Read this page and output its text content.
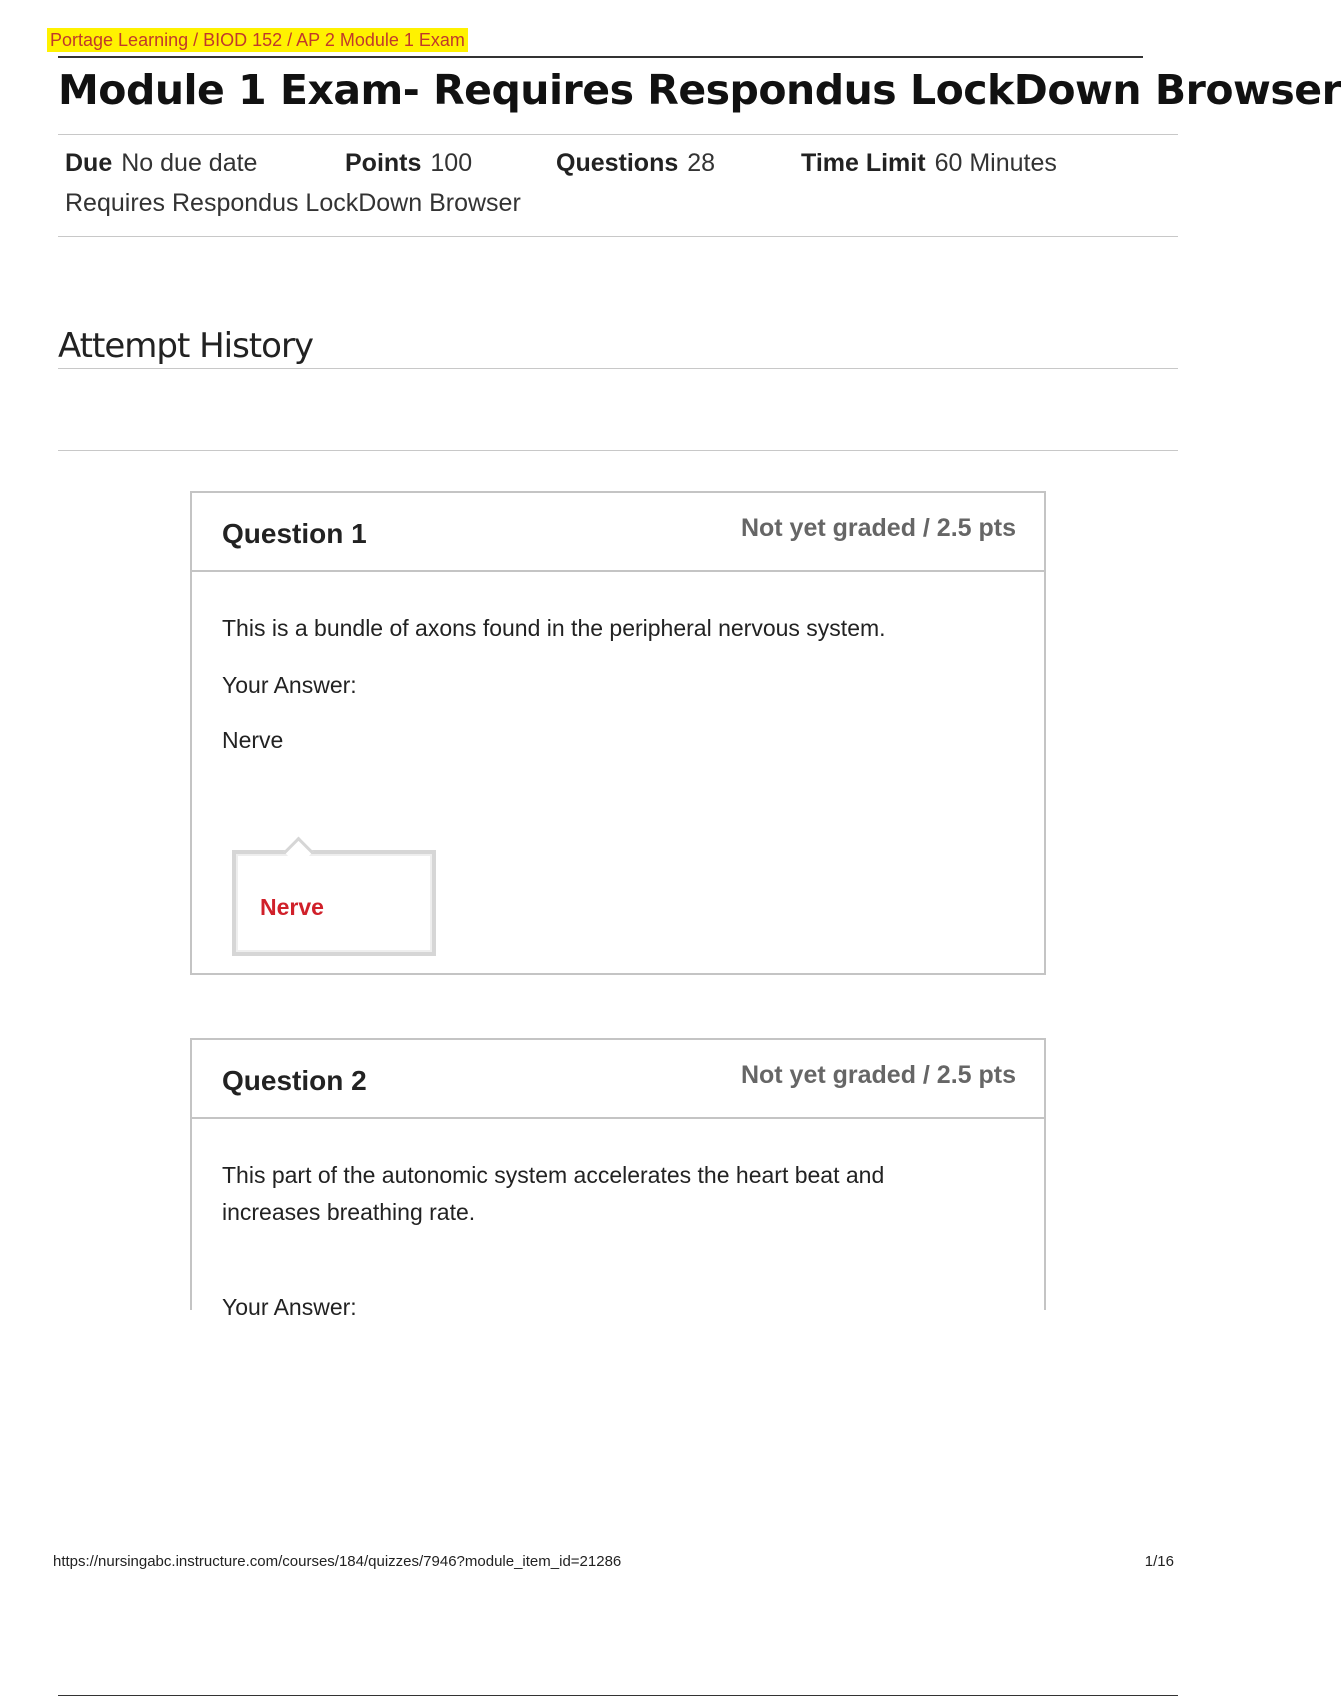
Portage Learning / BIOD 152 / AP 2 Module 1 Exam
Module 1 Exam- Requires Respondus LockDown Browser
Due No due date	Points 100	Questions 28	Time Limit 60 Minutes
Requires Respondus LockDown Browser
Attempt History
Question 1	Not yet graded / 2.5 pts
This is a bundle of axons found in the peripheral nervous system.
Your Answer:
Nerve
Nerve
Question 2	Not yet graded / 2.5 pts
This part of the autonomic system accelerates the heart beat and increases breathing rate.
Your Answer:
https://nursingabc.instructure.com/courses/184/quizzes/7946?module_item_id=21286	1/16
